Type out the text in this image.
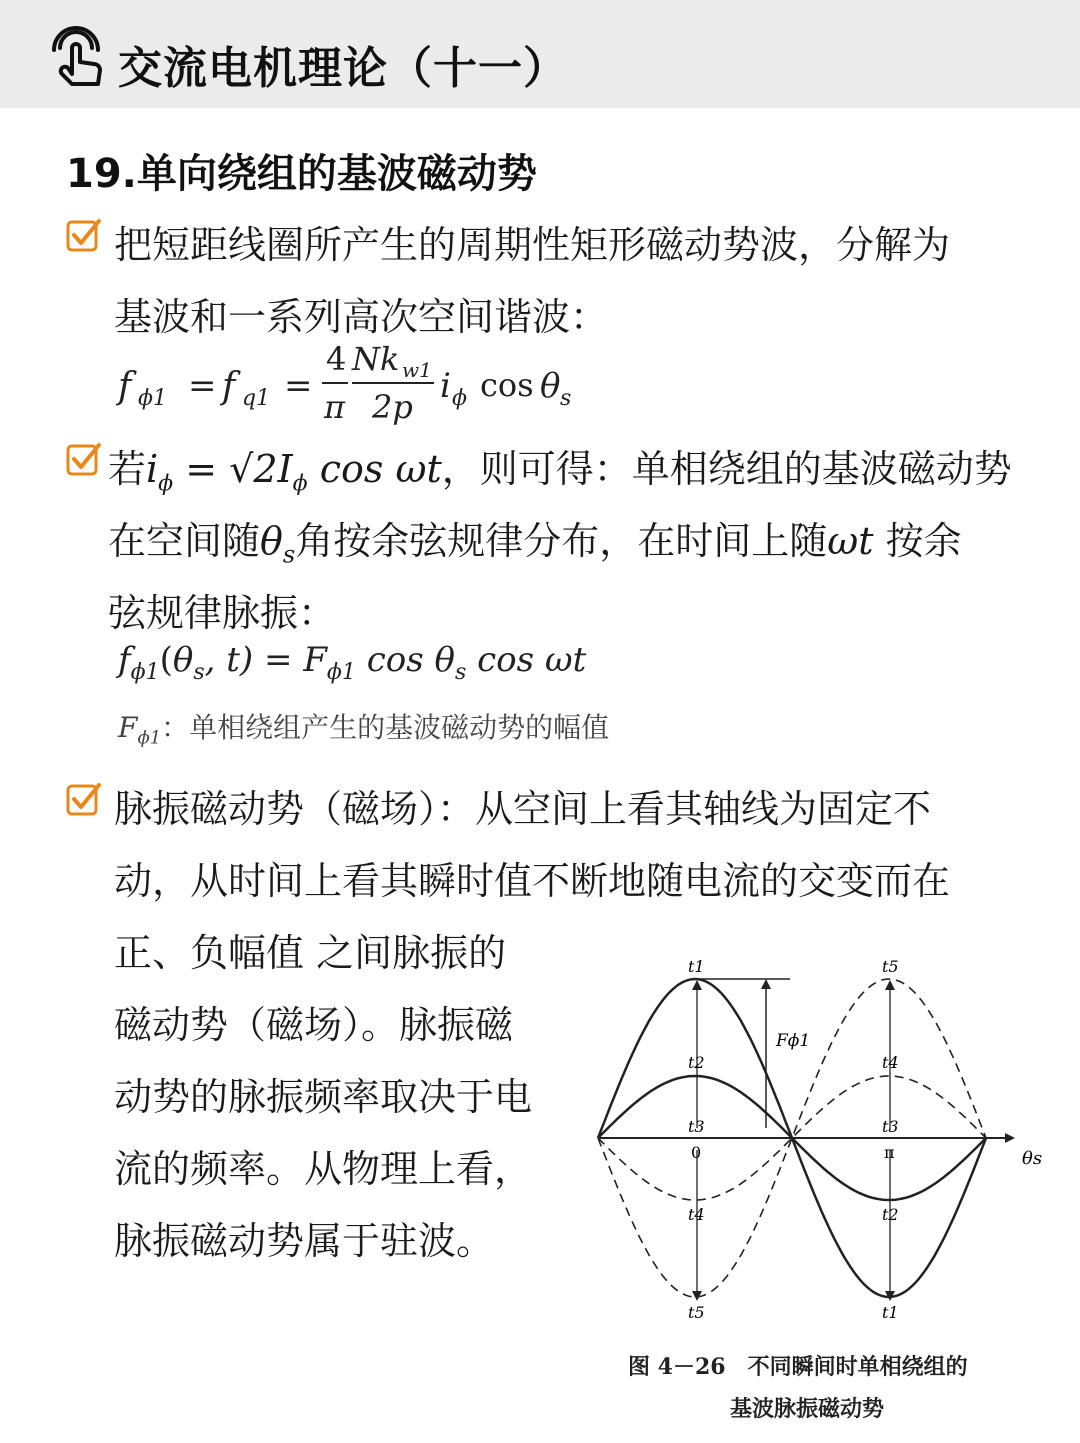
交流电机理论（十一）
19.单向绕组的基波磁动势
把短距线圈所产生的周期性矩形磁动势波，分解为
基波和一系列高次空间谐波：
f ϕ1 = f q1 =
4
π
Nk w1
2p
i ϕ cos θ s
若$i_\phi = √2I_\phi$ cos ωt，则可得：单相绕组的基波磁动势
在空间随$\theta_s$角按余弦规律分布，在时间上随ωt 按余
弦规律脉振：
$f_{\phi 1}(\theta_s$, $t) = F_{\phi 1}$ $\cos \theta_s$ cos ωt
$F_{\phi 1}$：单相绕组产生的基波磁动势的幅值
脉振磁动势（磁场）：从空间上看其轴线为固定不
动，从时间上看其瞬时值不断地随电流的交变而在
正、负幅值 之间脉振的
磁动势（磁场）。脉振磁
动势的脉振频率取决于电
流的频率。从物理上看，
脉振磁动势属于驻波。
t1
t2
t3
0
t4
t5
t5
t4
t3
π
t2
t1
Fϕ1
θs
图 4－26　不同瞬间时单相绕组的
基波脉振磁动势
